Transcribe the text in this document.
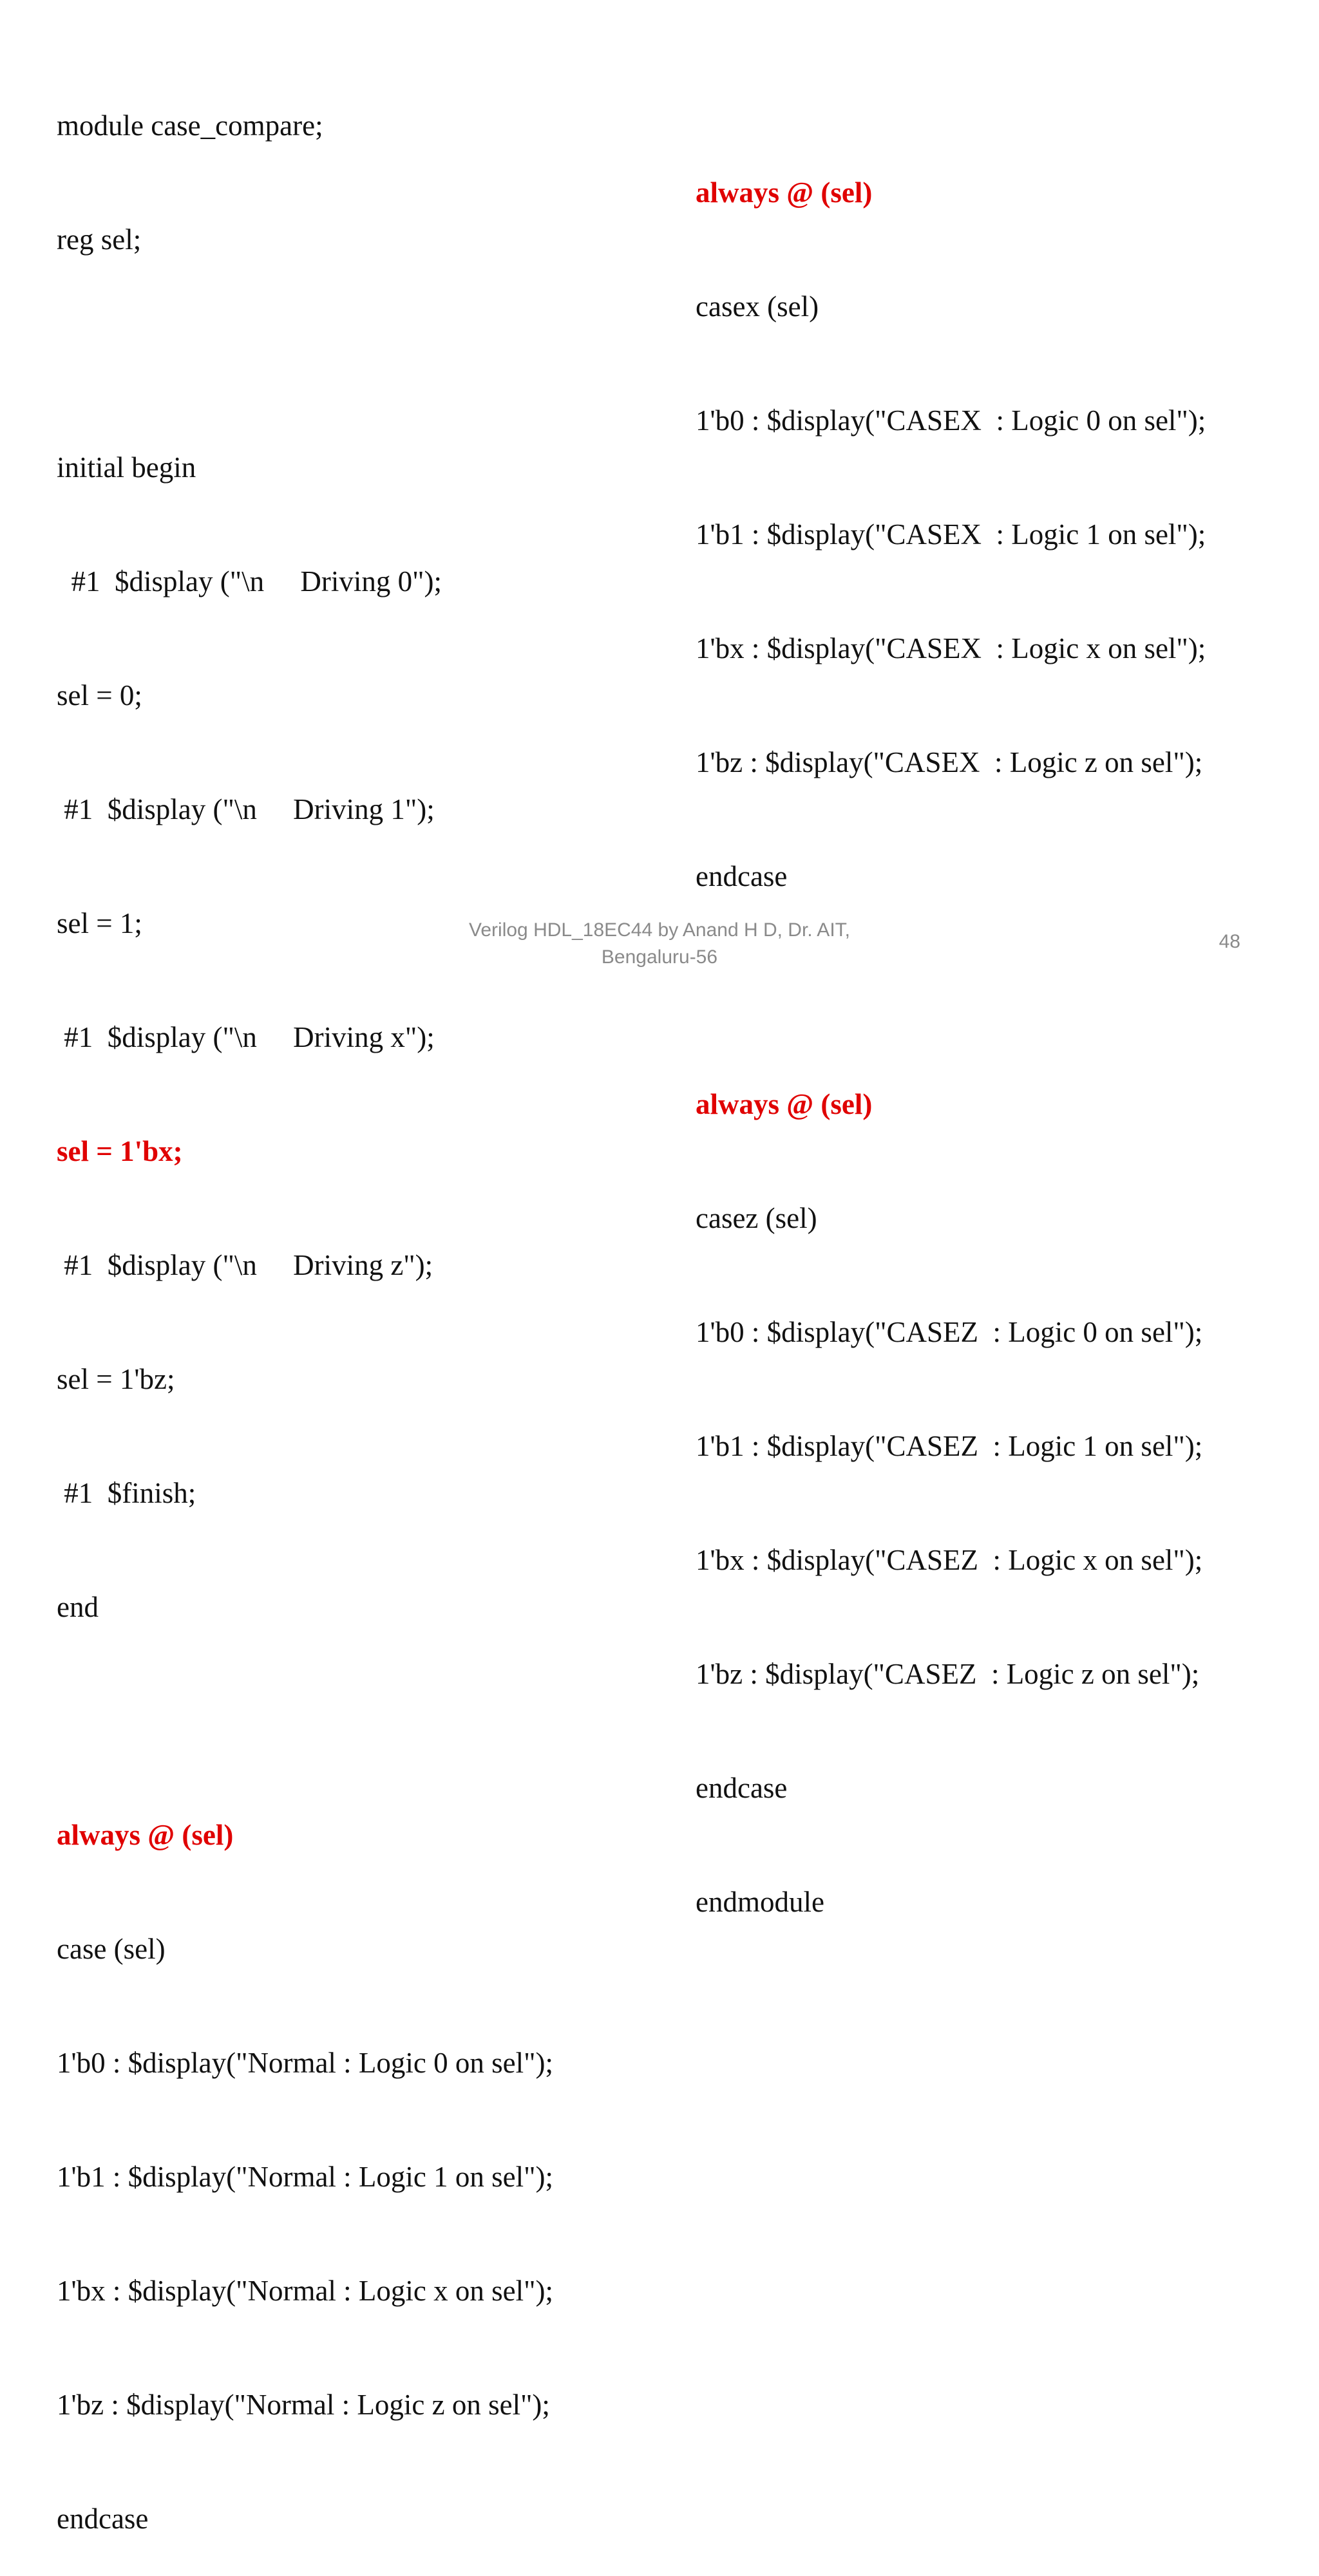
module case_compare;

reg sel;

initial begin

#1  $display ("\n     Driving 0");

sel = 0;

#1  $display ("\n     Driving 1");

sel = 1;

#1  $display ("\n     Driving x");

sel = 1'bx;

#1  $display ("\n     Driving z");

sel = 1'bz;

#1  $finish;

end

always @ (sel)

case (sel)

1'b0 : $display("Normal : Logic 0 on sel");

1'b1 : $display("Normal : Logic 1 on sel");

1'bx : $display("Normal : Logic x on sel");

1'bz : $display("Normal : Logic z on sel");

endcase

always @ (sel)

casex (sel)

1'b0 : $display("CASEX  : Logic 0 on sel");

1'b1 : $display("CASEX  : Logic 1 on sel");

1'bx : $display("CASEX  : Logic x on sel");

1'bz : $display("CASEX  : Logic z on sel");

endcase

always @ (sel)

casez (sel)

1'b0 : $display("CASEZ  : Logic 0 on sel");

1'b1 : $display("CASEZ  : Logic 1 on sel");

1'bx : $display("CASEZ  : Logic x on sel");

1'bz : $display("CASEZ  : Logic z on sel");

endcase

endmodule

Verilog HDL_18EC44 by Anand H D, Dr. AIT,
Bengaluru-56
48
